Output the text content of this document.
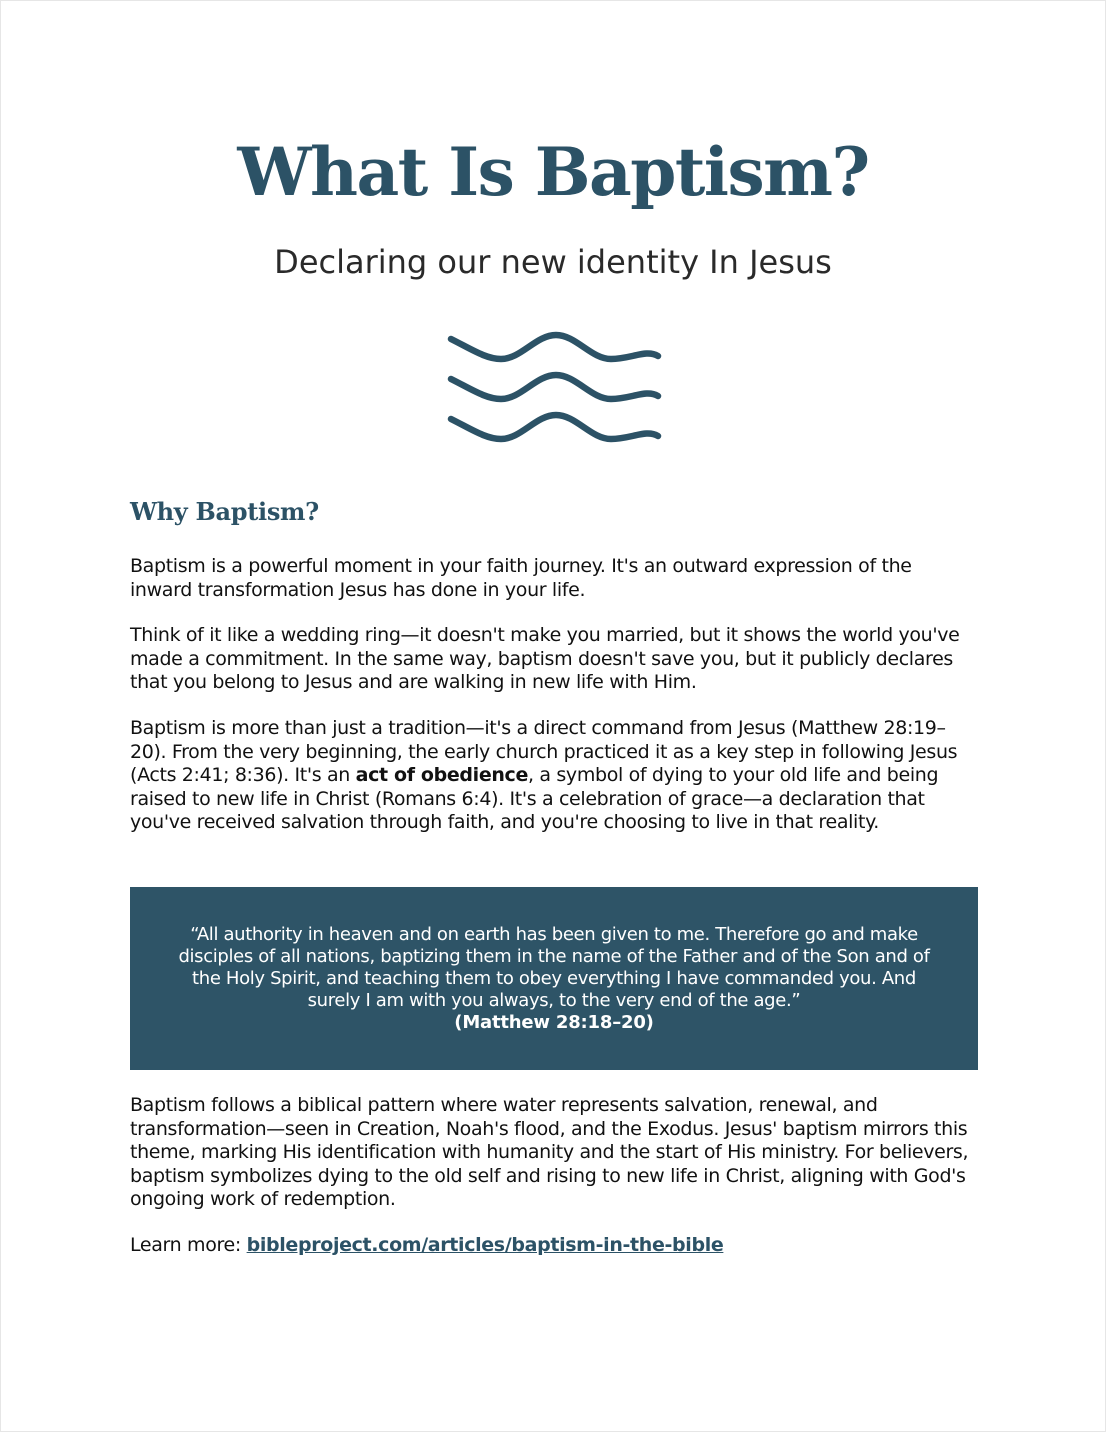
What Is Baptism?

Declaring our new identity In Jesus

Why Baptism?

Baptism is a powerful moment in your faith journey. It's an outward expression of the inward transformation Jesus has done in your life.

Think of it like a wedding ring—it doesn't make you married, but it shows the world you've made a commitment. In the same way, baptism doesn't save you, but it publicly declares that you belong to Jesus and are walking in new life with Him.

Baptism is more than just a tradition—it's a direct command from Jesus (Matthew 28:19–20). From the very beginning, the early church practiced it as a key step in following Jesus (Acts 2:41; 8:36). It's an act of obedience, a symbol of dying to your old life and being raised to new life in Christ (Romans 6:4). It's a celebration of grace—a declaration that you've received salvation through faith, and you're choosing to live in that reality.

“All authority in heaven and on earth has been given to me. Therefore go and make disciples of all nations, baptizing them in the name of the Father and of the Son and of the Holy Spirit, and teaching them to obey everything I have commanded you. And surely I am with you always, to the very end of the age.”

(Matthew 28:18–20)

Baptism follows a biblical pattern where water represents salvation, renewal, and transformation—seen in Creation, Noah's flood, and the Exodus. Jesus' baptism mirrors this theme, marking His identification with humanity and the start of His ministry. For believers, baptism symbolizes dying to the old self and rising to new life in Christ, aligning with God's ongoing work of redemption.

Learn more: bibleproject.com/articles/baptism-in-the-bible
